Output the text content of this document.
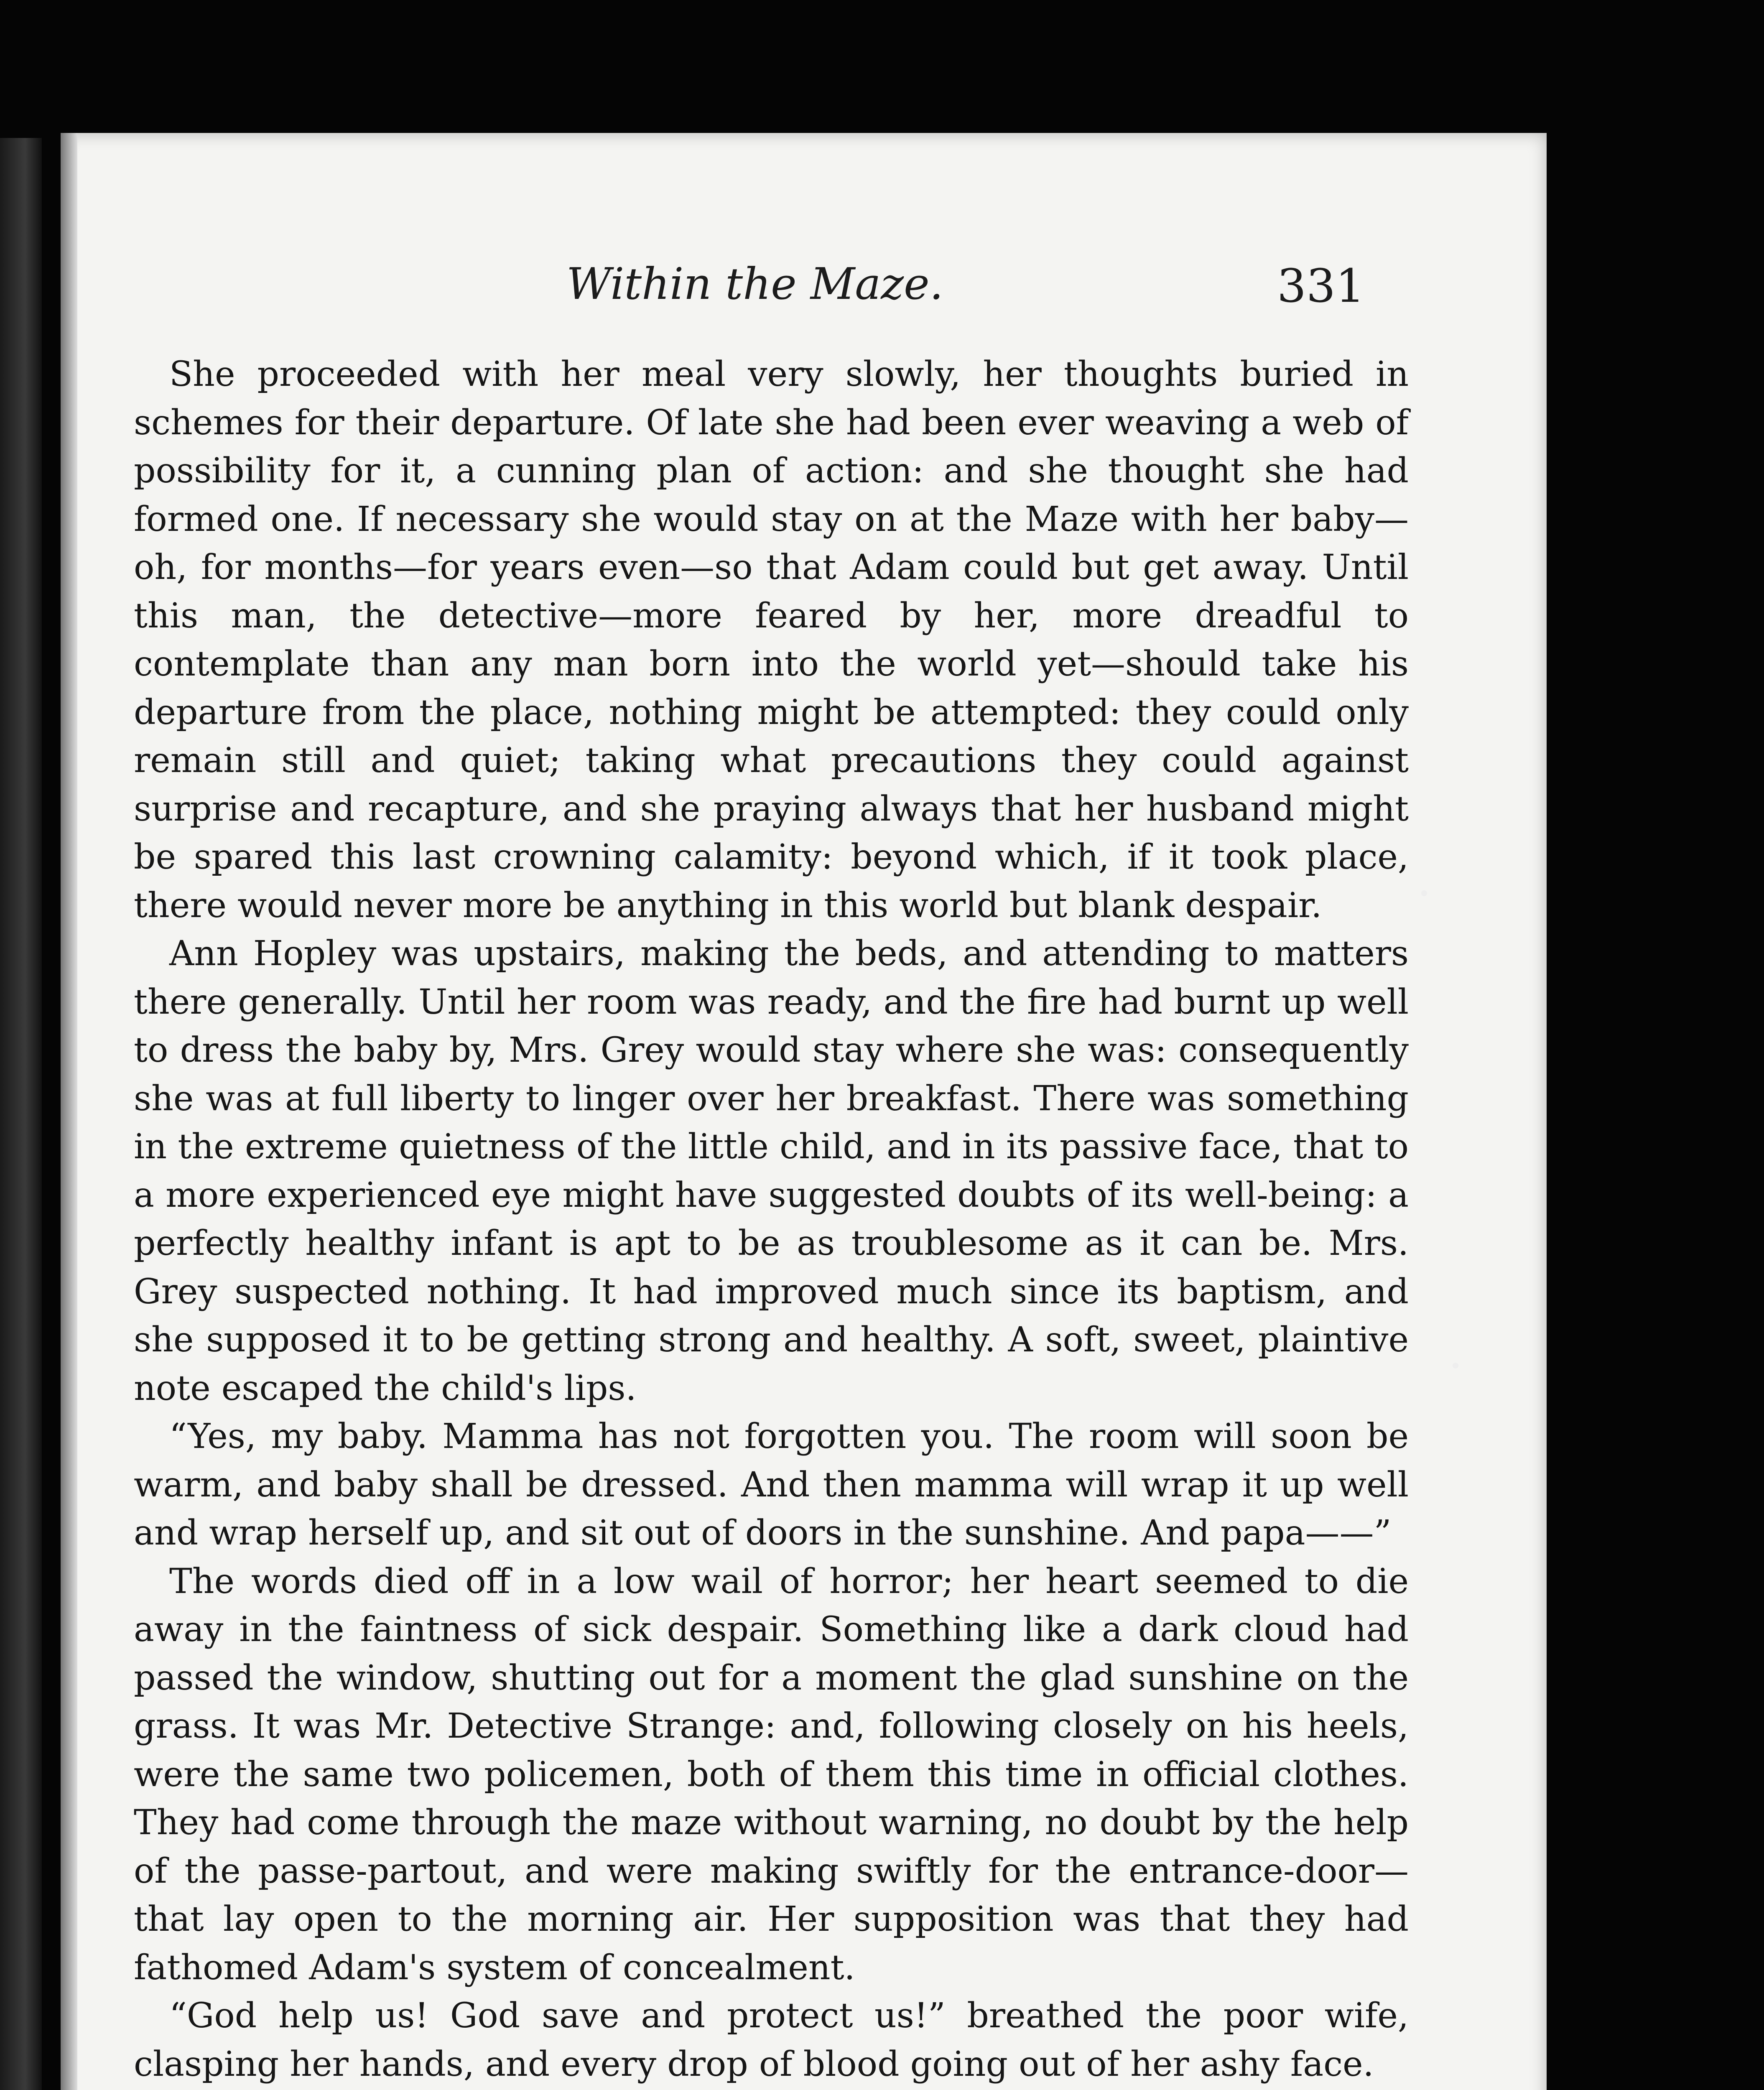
Within the Maze.	331

She proceeded with her meal very slowly, her thoughts buried in schemes for their departure. Of late she had been ever weaving a web of possibility for it, a cunning plan of action: and she thought she had formed one. If necessary she would stay on at the Maze with her baby—oh, for months—for years even—so that Adam could but get away. Until this man, the detective—more feared by her, more dreadful to contemplate than any man born into the world yet—should take his departure from the place, nothing might be attempted: they could only remain still and quiet; taking what precautions they could against surprise and recapture, and she praying always that her husband might be spared this last crowning calamity: beyond which, if it took place, there would never more be anything in this world but blank despair.

Ann Hopley was upstairs, making the beds, and attending to matters there generally. Until her room was ready, and the fire had burnt up well to dress the baby by, Mrs. Grey would stay where she was: consequently she was at full liberty to linger over her breakfast. There was something in the extreme quietness of the little child, and in its passive face, that to a more experienced eye might have suggested doubts of its well-being: a perfectly healthy infant is apt to be as troublesome as it can be. Mrs. Grey suspected nothing. It had improved much since its baptism, and she supposed it to be getting strong and healthy. A soft, sweet, plaintive note escaped the child's lips.

“Yes, my baby. Mamma has not forgotten you. The room will soon be warm, and baby shall be dressed. And then mamma will wrap it up well and wrap herself up, and sit out of doors in the sunshine. And papa——”

The words died off in a low wail of horror; her heart seemed to die away in the faintness of sick despair. Something like a dark cloud had passed the window, shutting out for a moment the glad sunshine on the grass. It was Mr. Detective Strange: and, following closely on his heels, were the same two policemen, both of them this time in official clothes. They had come through the maze without warning, no doubt by the help of the passe-partout, and were making swiftly for the entrance-door—that lay open to the morning air. Her supposition was that they had fathomed Adam's system of concealment.

“God help us! God save and protect us!” breathed the poor wife, clasping her hands, and every drop of blood going out of her ashy face.
